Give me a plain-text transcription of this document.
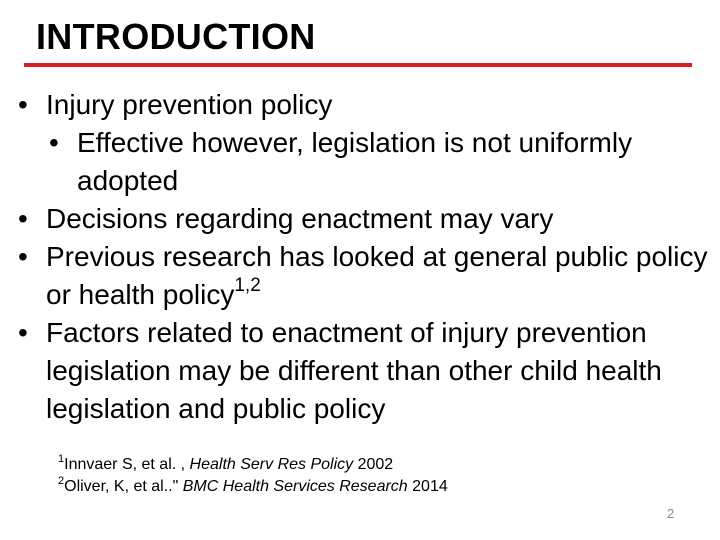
INTRODUCTION
• Injury prevention policy
• Effective however, legislation is not uniformly adopted
• Decisions regarding enactment may vary
• Previous research has looked at general public policy or health policy$^{1,2}$
• Factors related to enactment of injury prevention legislation may be different than other child health legislation and public policy
$^1$Innvaer S, et al. , Health Serv Res Policy 2002
$^2$Oliver, K, et al.." BMC Health Services Research 2014
2
